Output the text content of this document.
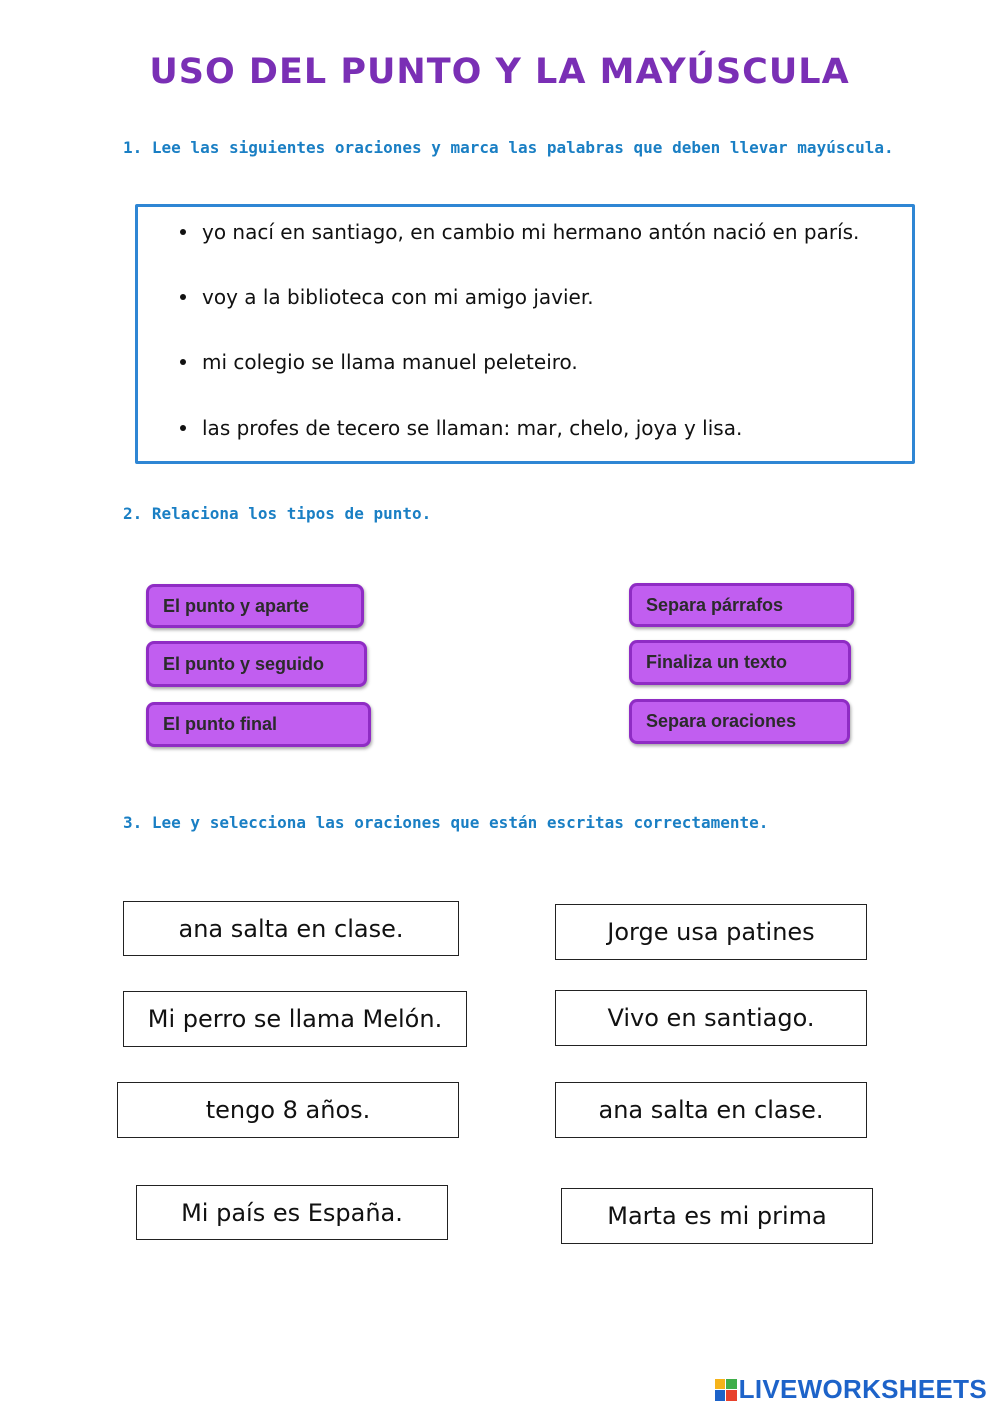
USO DEL PUNTO Y LA MAYÚSCULA
1. Lee las siguientes oraciones y marca las palabras que deben llevar mayúscula.
yo nací en santiago, en cambio mi hermano antón nació en parís.
voy a la biblioteca con mi amigo javier.
mi colegio se llama manuel peleteiro.
las profes de tecero se llaman: mar, chelo, joya y lisa.
2. Relaciona los tipos de punto.
El punto y aparte
El punto y seguido
El punto final
Separa párrafos
Finaliza un texto
Separa oraciones
3. Lee y selecciona las oraciones que están escritas correctamente.
ana salta en clase.
Mi perro se llama Melón.
tengo 8 años.
Mi país es España.
Jorge usa patines
Vivo en santiago.
ana salta en clase.
Marta es mi prima
LIVEWORKSHEETS
